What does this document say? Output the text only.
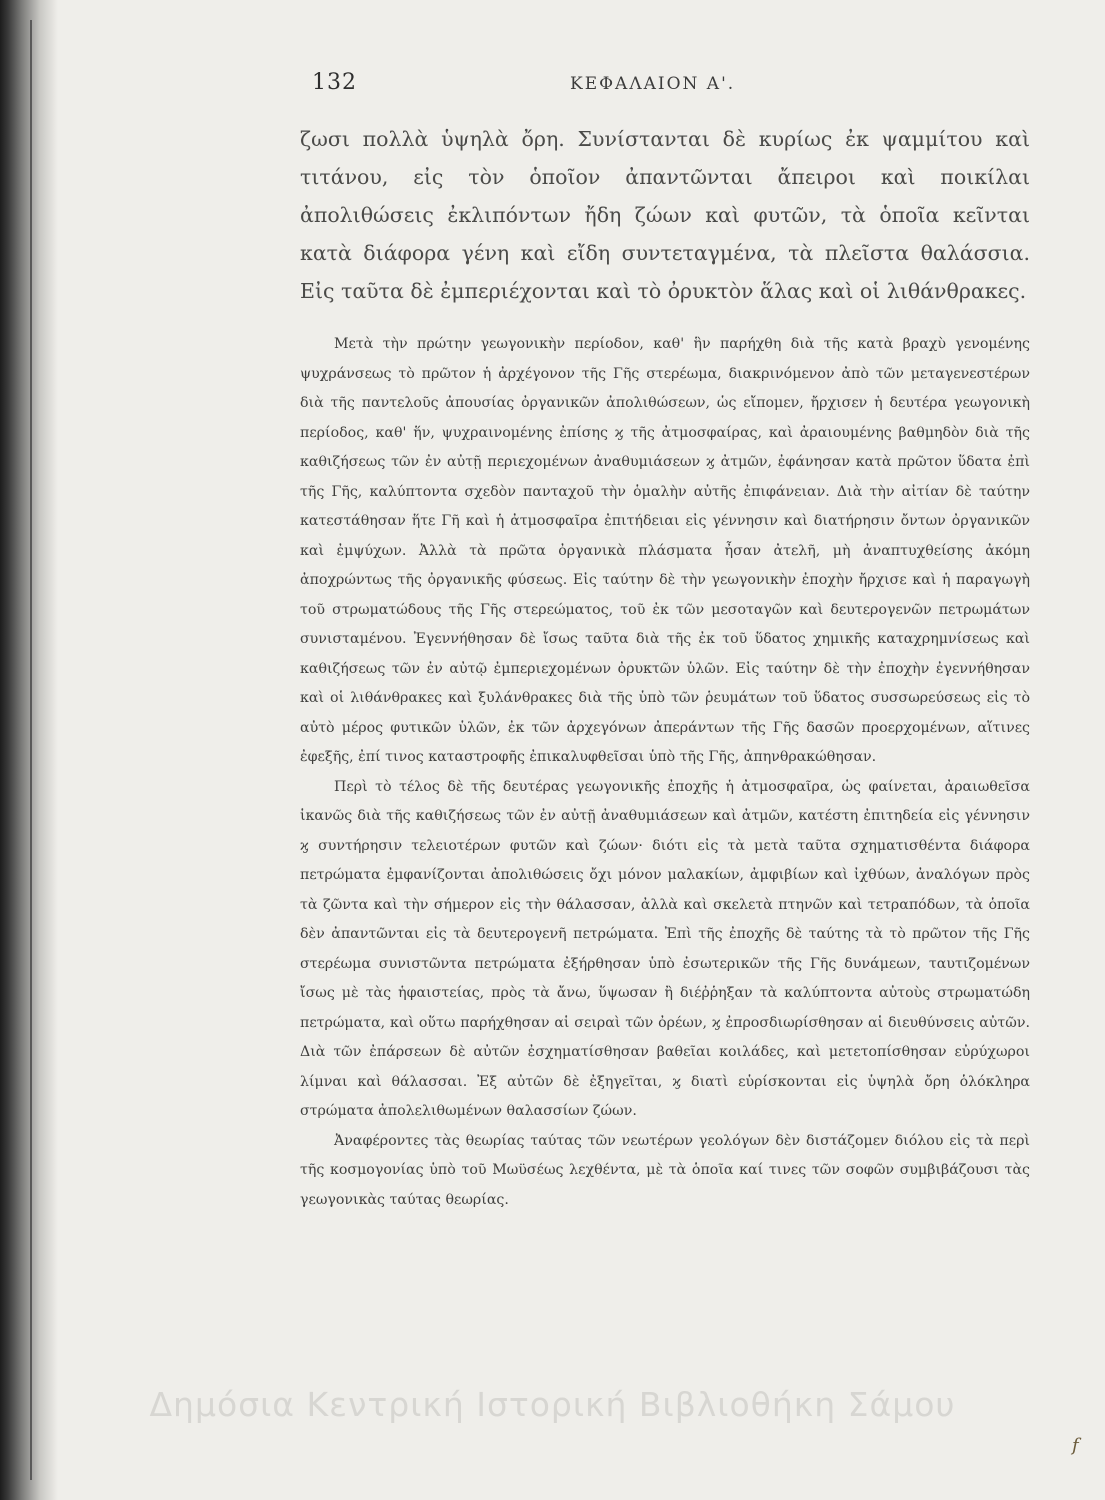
132	ΚΕΦΑΛΑΙΟΝ Α'.

ζωσι πολλὰ ὑψηλὰ ὄρη. Συνίστανται δὲ κυρίως ἐκ ψαμμίτου καὶ τιτάνου, εἰς τὸν ὁποῖον ἀπαντῶνται ἄπειροι καὶ ποικίλαι ἀπολιθώσεις ἐκλιπόντων ἤδη ζώων καὶ φυτῶν, τὰ ὁποῖα κεῖνται κατὰ διάφορα γένη καὶ εἴδη συντεταγμένα, τὰ πλεῖστα θαλάσσια. Εἰς ταῦτα δὲ ἐμπεριέχονται καὶ τὸ ὀρυκτὸν ἅλας καὶ οἱ λιθάνθρακες.

Μετὰ τὴν πρώτην γεωγονικὴν περίοδον, καθ' ἣν παρήχθη διὰ τῆς κατὰ βραχὺ γενομένης ψυχράνσεως τὸ πρῶτον ἡ ἀρχέγονον τῆς Γῆς στερέωμα, διακρινόμενον ἀπὸ τῶν μεταγενεστέρων διὰ τῆς παντελοῦς ἀπουσίας ὀργανικῶν ἀπολιθώσεων, ὡς εἴπομεν, ἤρχισεν ἡ δευτέρα γεωγονικὴ περίοδος, καθ' ἥν, ψυχραινομένης ἐπίσης ϗ τῆς ἀτμοσφαίρας, καὶ ἀραιουμένης βαθμηδὸν διὰ τῆς καθιζήσεως τῶν ἐν αὐτῇ περιεχομένων ἀναθυμιάσεων ϗ ἀτμῶν, ἐφάνησαν κατὰ πρῶτον ὕδατα ἐπὶ τῆς Γῆς, καλύπτοντα σχεδὸν πανταχοῦ τὴν ὁμαλὴν αὐτῆς ἐπιφάνειαν. Διὰ τὴν αἰτίαν δὲ ταύτην κατεστάθησαν ἥτε Γῆ καὶ ἡ ἀτμοσφαῖρα ἐπιτήδειαι εἰς γέννησιν καὶ διατήρησιν ὄντων ὀργανικῶν καὶ ἐμψύχων. Ἀλλὰ τὰ πρῶτα ὀργανικὰ πλάσματα ἦσαν ἀτελῆ, μὴ ἀναπτυχθείσης ἀκόμη ἀποχρώντως τῆς ὀργανικῆς φύσεως. Εἰς ταύτην δὲ τὴν γεωγονικὴν ἐποχὴν ἤρχισε καὶ ἡ παραγωγὴ τοῦ στρωματώδους τῆς Γῆς στερεώματος, τοῦ ἐκ τῶν μεσοταγῶν καὶ δευτερογενῶν πετρωμάτων συνισταμένου. Ἐγεννήθησαν δὲ ἴσως ταῦτα διὰ τῆς ἐκ τοῦ ὕδατος χημικῆς καταχρημνίσεως καὶ καθιζήσεως τῶν ἐν αὐτῷ ἐμπεριεχομένων ὀρυκτῶν ὑλῶν. Εἰς ταύτην δὲ τὴν ἐποχὴν ἐγεννήθησαν καὶ οἱ λιθάνθρακες καὶ ξυλάνθρακες διὰ τῆς ὑπὸ τῶν ῥευμάτων τοῦ ὕδατος συσσωρεύσεως εἰς τὸ αὐτὸ μέρος φυτικῶν ὑλῶν, ἐκ τῶν ἀρχεγόνων ἀπεράντων τῆς Γῆς δασῶν προερχομένων, αἵτινες ἐφεξῆς, ἐπί τινος καταστροφῆς ἐπικαλυφθεῖσαι ὑπὸ τῆς Γῆς, ἀπηνθρακώθησαν.

Περὶ τὸ τέλος δὲ τῆς δευτέρας γεωγονικῆς ἐποχῆς ἡ ἀτμοσφαῖρα, ὡς φαίνεται, ἀραιωθεῖσα ἱκανῶς διὰ τῆς καθιζήσεως τῶν ἐν αὐτῇ ἀναθυμιάσεων καὶ ἀτμῶν, κατέστη ἐπιτηδεία εἰς γέννησιν ϗ συντήρησιν τελειοτέρων φυτῶν καὶ ζώων· διότι εἰς τὰ μετὰ ταῦτα σχηματισθέντα διάφορα πετρώματα ἐμφανίζονται ἀπολιθώσεις ὄχι μόνον μαλακίων, ἀμφιβίων καὶ ἰχθύων, ἀναλόγων πρὸς τὰ ζῶντα καὶ τὴν σήμερον εἰς τὴν θάλασσαν, ἀλλὰ καὶ σκελετὰ πτηνῶν καὶ τετραπόδων, τὰ ὁποῖα δὲν ἀπαντῶνται εἰς τὰ δευτερογενῆ πετρώματα. Ἐπὶ τῆς ἐποχῆς δὲ ταύτης τὰ τὸ πρῶτον τῆς Γῆς στερέωμα συνιστῶντα πετρώματα ἐξήρθησαν ὑπὸ ἐσωτερικῶν τῆς Γῆς δυνάμεων, ταυτιζομένων ἴσως μὲ τὰς ἡφαιστείας, πρὸς τὰ ἄνω, ὕψωσαν ἢ διέῤῥηξαν τὰ καλύπτοντα αὐτοὺς στρωματώδη πετρώματα, καὶ οὕτω παρήχθησαν αἱ σειραὶ τῶν ὀρέων, ϗ ἐπροσδιωρίσθησαν αἱ διευθύνσεις αὐτῶν. Διὰ τῶν ἐπάρσεων δὲ αὐτῶν ἐσχηματίσθησαν βαθεῖαι κοιλάδες, καὶ μετετοπίσθησαν εὐρύχωροι λίμναι καὶ θάλασσαι. Ἐξ αὐτῶν δὲ ἐξηγεῖται, ϗ διατὶ εὑρίσκονται εἰς ὑψηλὰ ὄρη ὁλόκληρα στρώματα ἀπολελιθωμένων θαλασσίων ζώων.

Ἀναφέροντες τὰς θεωρίας ταύτας τῶν νεωτέρων γεολόγων δὲν διστάζομεν διόλου εἰς τὰ περὶ τῆς κοσμογονίας ὑπὸ τοῦ Μωϋσέως λεχθέντα, μὲ τὰ ὁποῖα καί τινες τῶν σοφῶν συμβιβάζουσι τὰς γεωγονικὰς ταύτας θεωρίας.

Δημόσια Κεντρική Ιστορική Βιβλιοθήκη Σάμου
𝑓
